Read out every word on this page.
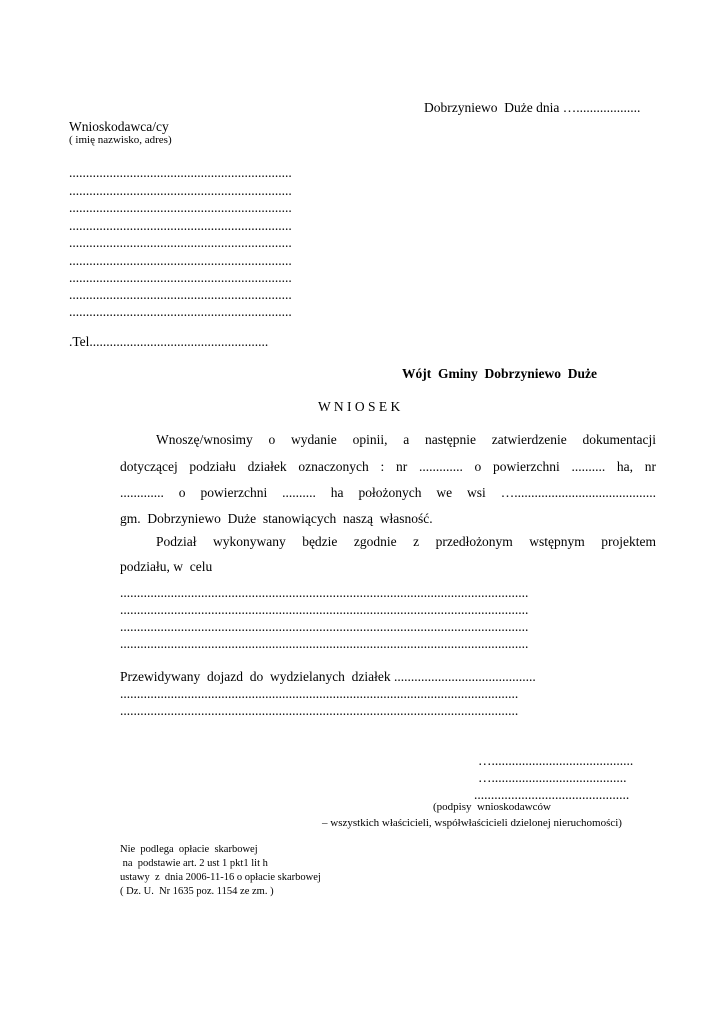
Dobrzyniewo  Duże dnia …...................
Wnioskodawca/cy
( imię nazwisko, adres)
..................................................................
..................................................................
..................................................................
..................................................................
..................................................................
..................................................................
..................................................................
..................................................................
..................................................................
.Tel.....................................................
Wójt  Gminy  Dobrzyniewo  Duże
W N I O S E K
Wnoszę/wnosimy o wydanie opinii, a następnie zatwierdzenie dokumentacji
dotyczącej podziału działek oznaczonych : nr ............. o powierzchni .......... ha, nr
............. o powierzchni .......... ha położonych we wsi …..........................................
gm.  Dobrzyniewo  Duże  stanowiących  naszą  własność.
Podział wykonywany będzie zgodnie z przedłożonym wstępnym projektem
podziału, w  celu
.........................................................................................................................
.........................................................................................................................
.........................................................................................................................
.........................................................................................................................
Przewidywany  dojazd  do  wydzielanych  działek ..........................................
......................................................................................................................
......................................................................................................................
…..........................................
…........................................
..............................................
(podpisy  wnioskodawców
– wszystkich właścicieli, współwłaścicieli dzielonej nieruchomości)
Nie  podlega  opłacie  skarbowej
na  podstawie art. 2 ust 1 pkt1 lit h
ustawy  z  dnia 2006-11-16 o opłacie skarbowej
( Dz. U.  Nr 1635 poz. 1154 ze zm. )
